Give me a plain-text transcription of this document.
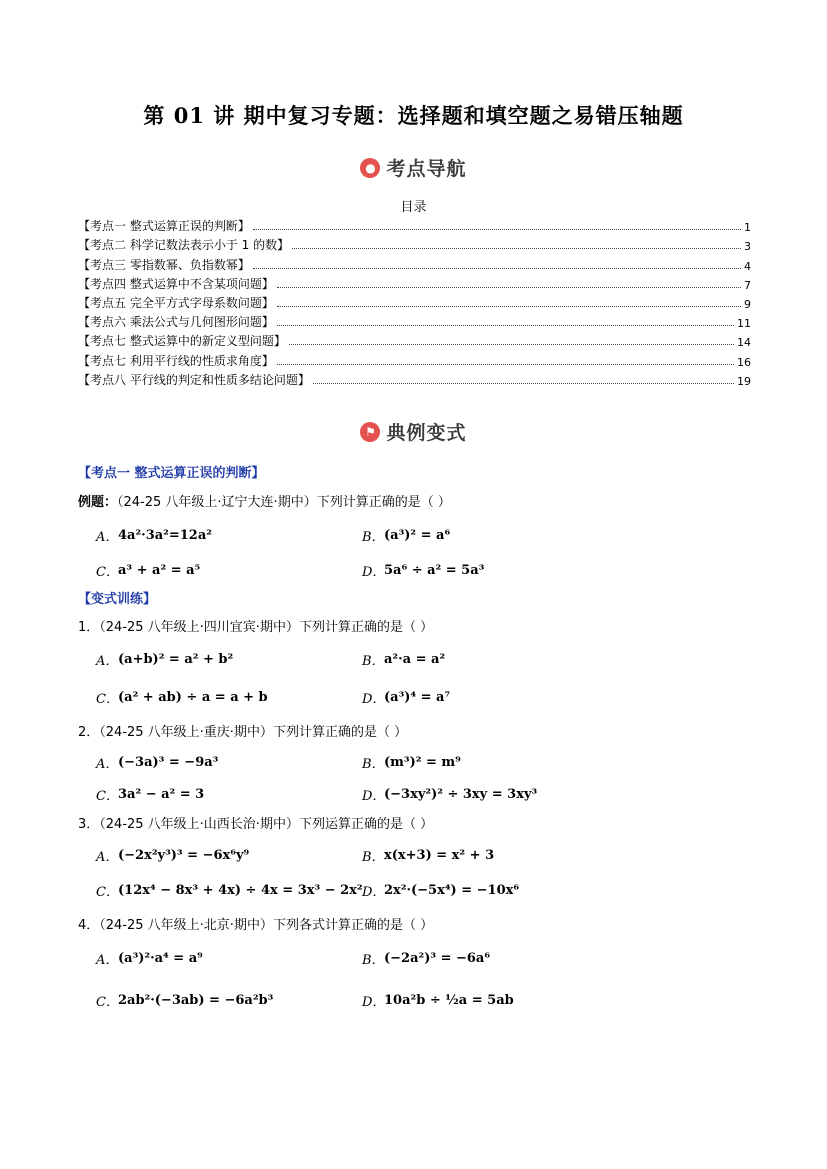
第 01 讲 期中复习专题：选择题和填空题之易错压轴题
● 考点导航
目录
【考点一 整式运算正误的判断】	1
【考点二 科学记数法表示小于 1 的数】	3
【考点三 零指数幂、负指数幂】	4
【考点四 整式运算中不含某项问题】	7
【考点五 完全平方式字母系数问题】	9
【考点六 乘法公式与几何图形问题】	11
【考点七 整式运算中的新定义型问题】	14
【考点七 利用平行线的性质求角度】	16
【考点八 平行线的判定和性质多结论问题】	19
⚑ 典例变式
【考点一 整式运算正误的判断】
例题：（24-25 八年级上·辽宁大连·期中）下列计算正确的是（ ）
A． 4a²·3a²=12a²	B． (a³)² = a⁶
C． a³ + a² = a⁵	D．
5a⁶ ÷ a² = 5a³
【变式训练】
1．（24-25 八年级上·四川宜宾·期中）下列计算正确的是（ ）
A． (a+b)² = a² + b²	B． a²·a = a²
C． (a² + ab) ÷ a = a + b	D．
(a³)⁴ = a⁷
2．（24-25 八年级上·重庆·期中）下列计算正确的是（ ）
A． (−3a)³ = −9a³	B． (m³)² = m⁹
C． 3a² − a² = 3	D．
(−3xy²)² ÷ 3xy = 3xy³
3．（24-25 八年级上·山西长治·期中）下列运算正确的是（ ）
A． (−2x²y³)³ = −6x⁶y⁹	B． x(x+3) = x² + 3
C． (12x⁴ − 8x³ + 4x) ÷ 4x = 3x³ − 2x² D．
2x²·(−5x⁴) = −10x⁶
4．（24-25 八年级上·北京·期中）下列各式计算正确的是（ ）
A． (a³)²·a⁴ = a⁹	B． (−2a²)³ = −6a⁶
C． 2ab²·(−3ab) = −6a²b³	D．
10a²b ÷ ½a = 5ab
